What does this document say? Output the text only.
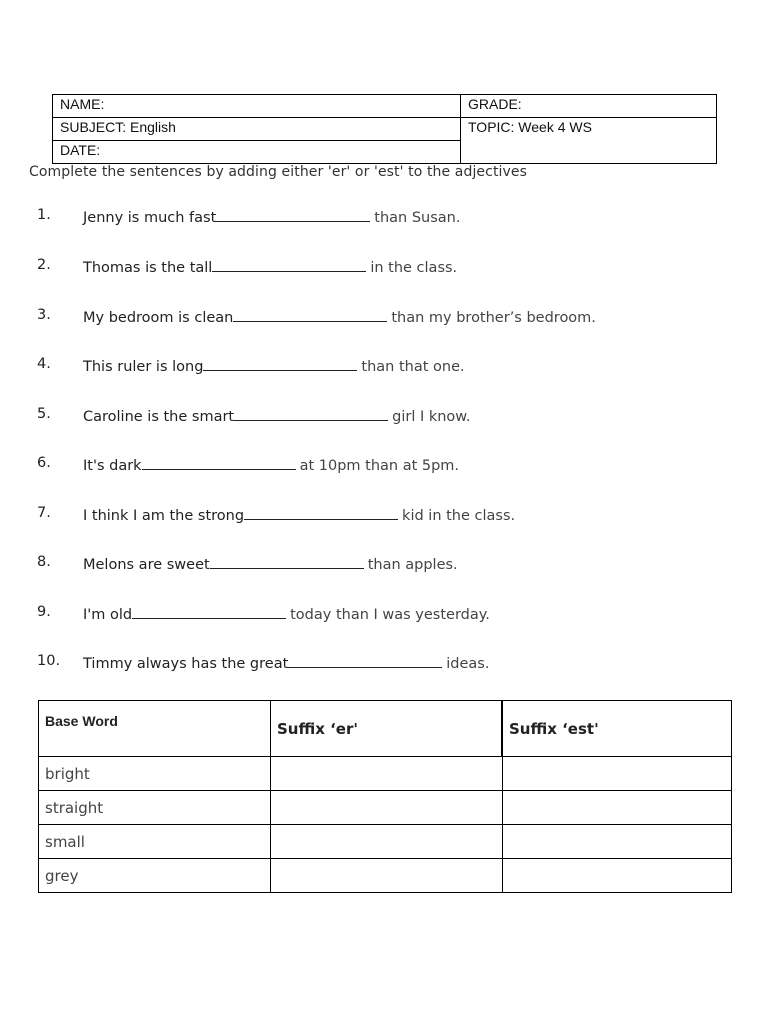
NAME:	GRADE:
SUBJECT: English	TOPIC: Week 4 WS
DATE:	
Complete the sentences by adding either 'er' or 'est' to the adjectives
1. Jenny is much fast	than Susan.
2. Thomas is the tall	in the class.
3. My bedroom is clean	than my brother’s bedroom.
4. This ruler is long	than that one.
5. Caroline is the smart	girl I know.
6. It's dark	at 10pm than at 5pm.
7. I think I am the strong	kid in the class.
8. Melons are sweet	than apples.
9. I'm old	today than I was yesterday.
10. Timmy always has the great	ideas.
Base Word	Suffix ‘er'	Suffix ‘est'
bright		
straight		
small		
grey		
